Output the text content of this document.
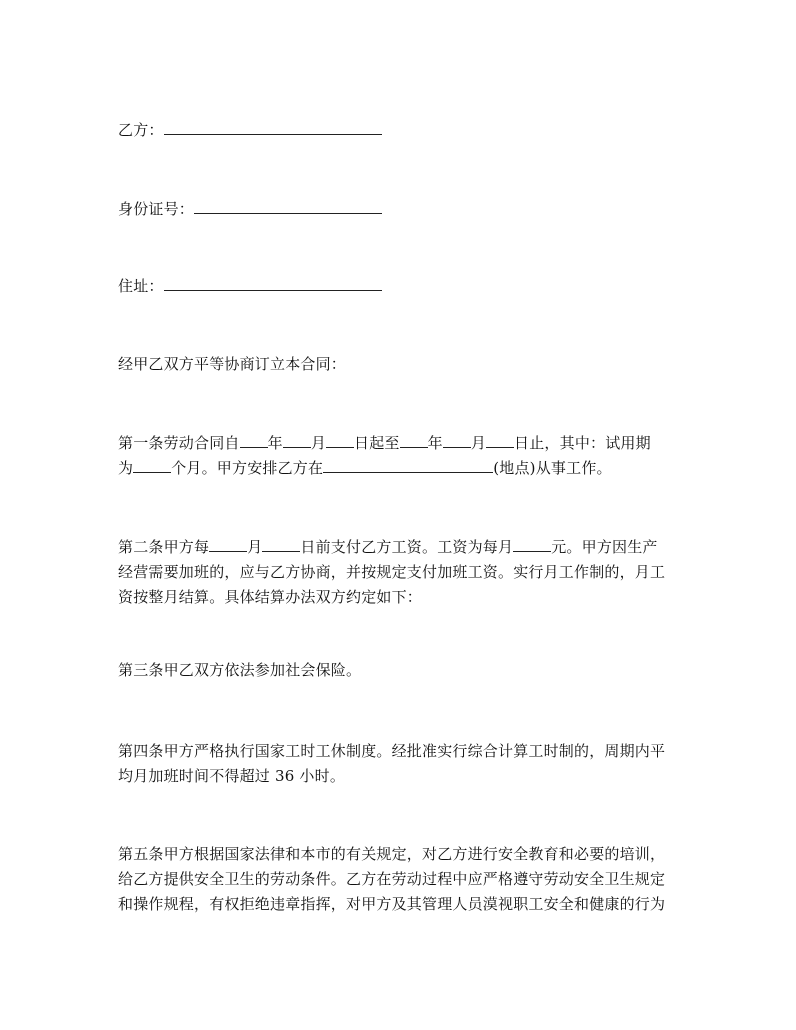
乙方：
身份证号：
住址：
经甲乙双方平等协商订立本合同：
第一条劳动合同自 年 月 日起至 年 月 日止，其中：试用期
为	个月。甲方安排乙方在	(地点)从事工作。
第二条甲方每	月	日前支付乙方工资。工资为每月	元。甲方因生产
经营需要加班的，应与乙方协商，并按规定支付加班工资。实行月工作制的，月工
资按整月结算。具体结算办法双方约定如下：
第三条甲乙双方依法参加社会保险。
第四条甲方严格执行国家工时工休制度。经批准实行综合计算工时制的，周期内平
均月加班时间不得超过 36 小时。
第五条甲方根据国家法律和本市的有关规定，对乙方进行安全教育和必要的培训，
给乙方提供安全卫生的劳动条件。乙方在劳动过程中应严格遵守劳动安全卫生规定
和操作规程，有权拒绝违章指挥，对甲方及其管理人员漠视职工安全和健康的行为
